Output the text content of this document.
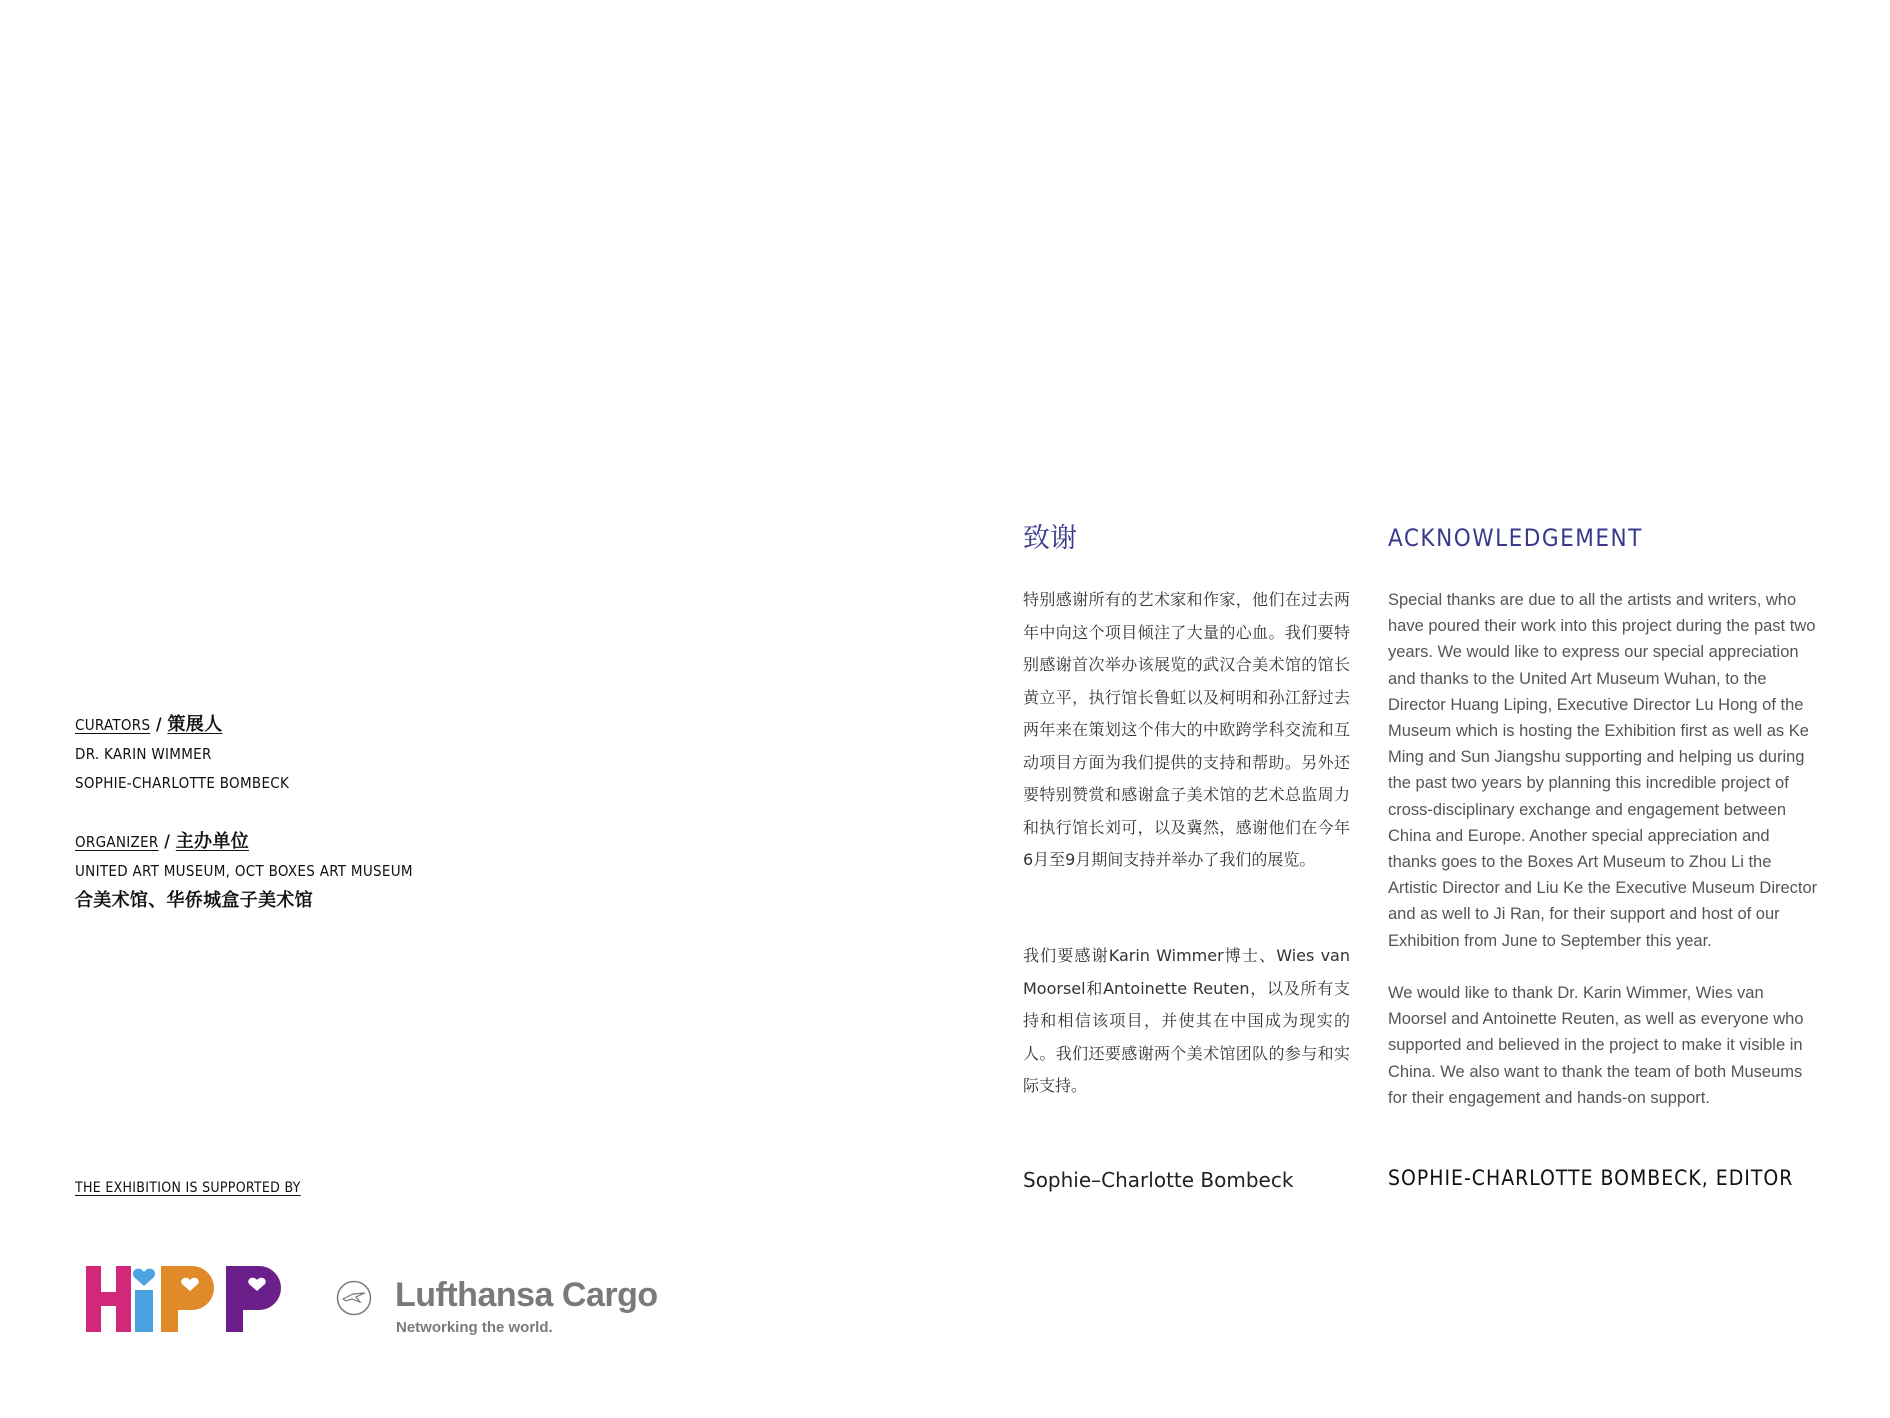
CURATORS / 策展人
DR. KARIN WIMMER
SOPHIE-CHARLOTTE BOMBECK
ORGANIZER / 主办单位
UNITED ART MUSEUM, OCT BOXES ART MUSEUM
合美术馆、华侨城盒子美术馆
THE EXHIBITION IS SUPPORTED BY
Lufthansa Cargo
Networking the world.
致谢
特别感谢所有的艺术家和作家，他们在过去两年中向这个项目倾注了大量的心血。我们要特别感谢首次举办该展览的武汉合美术馆的馆长黄立平，执行馆长鲁虹以及柯明和孙江舒过去两年来在策划这个伟大的中欧跨学科交流和互动项目方面为我们提供的支持和帮助。另外还要特别赞赏和感谢盒子美术馆的艺术总监周力和执行馆长刘可，以及冀然，感谢他们在今年6月至9月期间支持并举办了我们的展览。
我们要感谢Karin Wimmer博士、Wies van Moorsel和Antoinette Reuten，以及所有支持和相信该项目，并使其在中国成为现实的人。我们还要感谢两个美术馆团队的参与和实际支持。
Sophie–Charlotte Bombeck
ACKNOWLEDGEMENT
Special thanks are due to all the artists and writers, who have poured their work into this project during the past two years. We would like to express our special appreciation and thanks to the United Art Museum Wuhan, to the Director Huang Liping, Executive Director Lu Hong of the Museum which is hosting the Exhibition first as well as Ke Ming and Sun Jiangshu supporting and helping us during the past two years by planning this incredible project of cross-disciplinary exchange and engagement between China and Europe. Another special appreciation and thanks goes to the Boxes Art Museum to Zhou Li the Artistic Director and Liu Ke the Executive Museum Director and as well to Ji Ran, for their support and host of our Exhibition from June to September this year.
We would like to thank Dr. Karin Wimmer, Wies van Moorsel and Antoinette Reuten, as well as everyone who supported and believed in the project to make it visible in China. We also want to thank the team of both Museums for their engagement and hands-on support.
SOPHIE-CHARLOTTE BOMBECK, EDITOR
